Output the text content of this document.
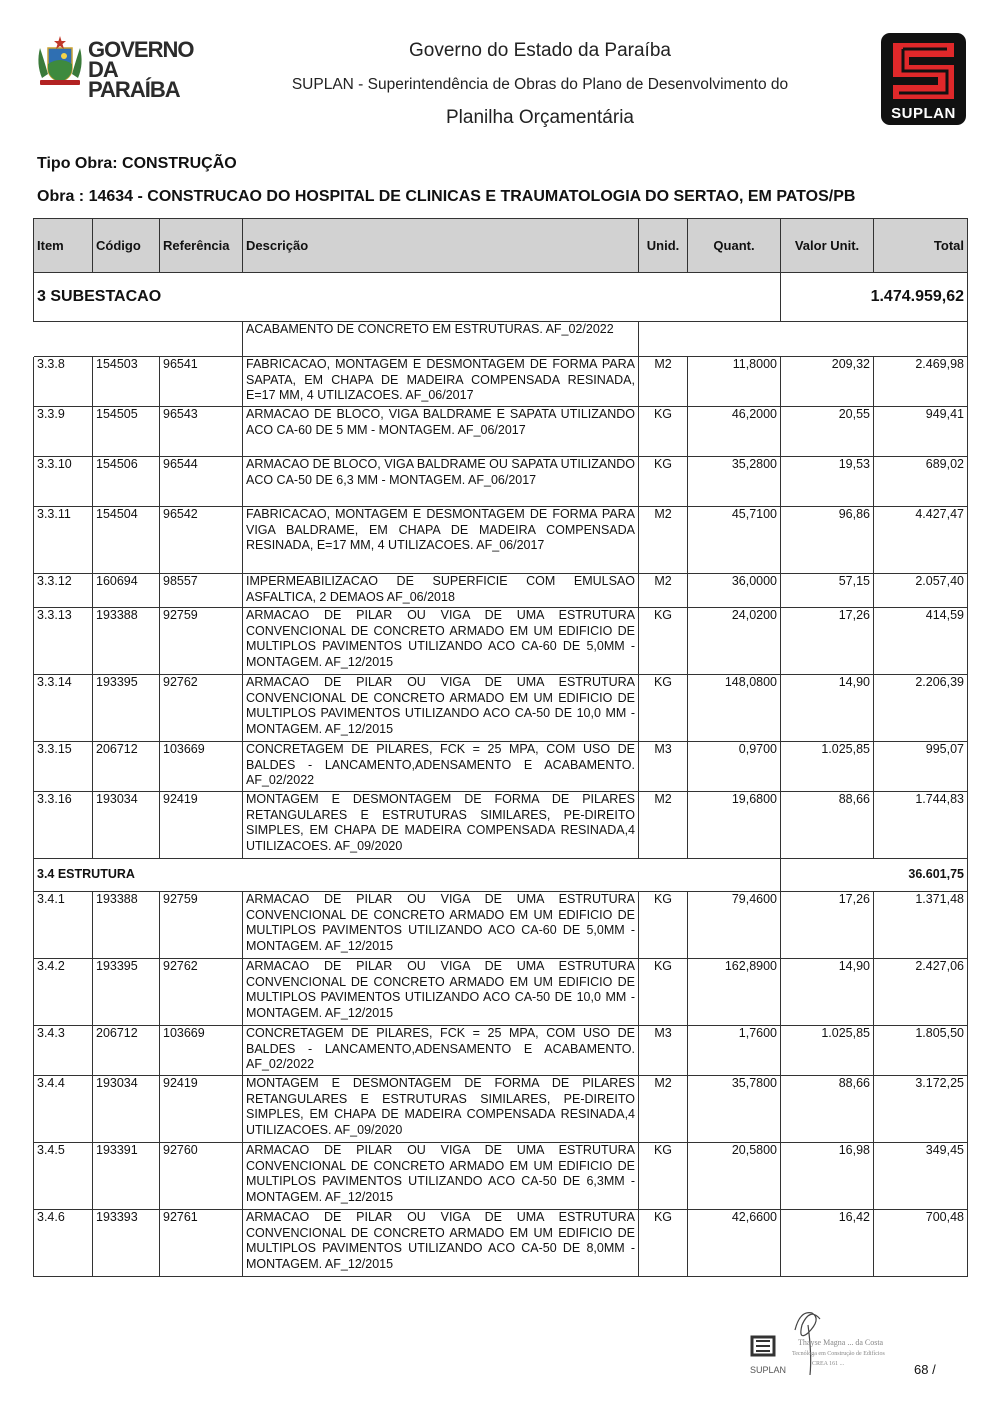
GOVERNO
DA PARAÍBA
Governo do Estado da Paraíba
SUPLAN - Superintendência de Obras do Plano de Desenvolvimento do
Planilha Orçamentária	SUPLAN
Tipo Obra: CONSTRUÇÃO
Obra : 14634 - CONSTRUCAO DO HOSPITAL DE CLINICAS E TRAUMATOLOGIA DO SERTAO, EM PATOS/PB
Item	Código	Referência	Descrição	Unid.	Quant.	Valor Unit.	Total
3 SUBESTACAO						1.474.959,62	
			ACABAMENTO DE CONCRETO EM ESTRUTURAS. AF_02/2022				
3.3.8	154503	96541	FABRICACAO, MONTAGEM E DESMONTAGEM DE FORMA PARA SAPATA, EM CHAPA DE MADEIRA COMPENSADA RESINADA, E=17 MM, 4 UTILIZACOES. AF_06/2017	M2	11,8000	209,32	2.469,98
3.3.9	154505	96543	ARMACAO DE BLOCO, VIGA BALDRAME E SAPATA UTILIZANDO ACO CA-60 DE 5 MM - MONTAGEM. AF_06/2017	KG	46,2000	20,55	949,41
3.3.10	154506	96544	ARMACAO DE BLOCO, VIGA BALDRAME OU SAPATA UTILIZANDO ACO CA-50 DE 6,3 MM - MONTAGEM. AF_06/2017	KG	35,2800	19,53	689,02
3.3.11	154504	96542	FABRICACAO, MONTAGEM E DESMONTAGEM DE FORMA PARA VIGA BALDRAME, EM CHAPA DE MADEIRA COMPENSADA RESINADA, E=17 MM, 4 UTILIZACOES. AF_06/2017	M2	45,7100	96,86	4.427,47
3.3.12	160694	98557	IMPERMEABILIZACAO DE SUPERFICIE COM EMULSAO ASFALTICA, 2 DEMAOS AF_06/2018	M2	36,0000	57,15	2.057,40
3.3.13	193388	92759	ARMACAO DE PILAR OU VIGA DE UMA ESTRUTURA CONVENCIONAL DE CONCRETO ARMADO EM UM EDIFICIO DE MULTIPLOS PAVIMENTOS UTILIZANDO ACO CA-60 DE 5,0MM - MONTAGEM. AF_12/2015	KG	24,0200	17,26	414,59
3.3.14	193395	92762	ARMACAO DE PILAR OU VIGA DE UMA ESTRUTURA CONVENCIONAL DE CONCRETO ARMADO EM UM EDIFICIO DE MULTIPLOS PAVIMENTOS UTILIZANDO ACO CA-50 DE 10,0 MM - MONTAGEM. AF_12/2015	KG	148,0800	14,90	2.206,39
3.3.15	206712	103669	CONCRETAGEM DE PILARES, FCK = 25 MPA, COM USO DE BALDES - LANCAMENTO,ADENSAMENTO E ACABAMENTO. AF_02/2022	M3	0,9700	1.025,85	995,07
3.3.16	193034	92419	MONTAGEM E DESMONTAGEM DE FORMA DE PILARES RETANGULARES E ESTRUTURAS SIMILARES, PE-DIREITO SIMPLES, EM CHAPA DE MADEIRA COMPENSADA RESINADA,4 UTILIZACOES. AF_09/2020	M2	19,6800	88,66	1.744,83
3.4 ESTRUTURA						36.601,75	
3.4.1	193388	92759	ARMACAO DE PILAR OU VIGA DE UMA ESTRUTURA CONVENCIONAL DE CONCRETO ARMADO EM UM EDIFICIO DE MULTIPLOS PAVIMENTOS UTILIZANDO ACO CA-60 DE 5,0MM - MONTAGEM. AF_12/2015	KG	79,4600	17,26	1.371,48
3.4.2	193395	92762	ARMACAO DE PILAR OU VIGA DE UMA ESTRUTURA CONVENCIONAL DE CONCRETO ARMADO EM UM EDIFICIO DE MULTIPLOS PAVIMENTOS UTILIZANDO ACO CA-50 DE 10,0 MM - MONTAGEM. AF_12/2015	KG	162,8900	14,90	2.427,06
3.4.3	206712	103669	CONCRETAGEM DE PILARES, FCK = 25 MPA, COM USO DE BALDES - LANCAMENTO,ADENSAMENTO E ACABAMENTO. AF_02/2022	M3	1,7600	1.025,85	1.805,50
3.4.4	193034	92419	MONTAGEM E DESMONTAGEM DE FORMA DE PILARES RETANGULARES E ESTRUTURAS SIMILARES, PE-DIREITO SIMPLES, EM CHAPA DE MADEIRA COMPENSADA RESINADA,4 UTILIZACOES. AF_09/2020	M2	35,7800	88,66	3.172,25
3.4.5	193391	92760	ARMACAO DE PILAR OU VIGA DE UMA ESTRUTURA CONVENCIONAL DE CONCRETO ARMADO EM UM EDIFICIO DE MULTIPLOS PAVIMENTOS UTILIZANDO ACO CA-50 DE 6,3MM - MONTAGEM. AF_12/2015	KG	20,5800	16,98	349,45
3.4.6	193393	92761	ARMACAO DE PILAR OU VIGA DE UMA ESTRUTURA CONVENCIONAL DE CONCRETO ARMADO EM UM EDIFICIO DE MULTIPLOS PAVIMENTOS UTILIZANDO ACO CA-50 DE 8,0MM - MONTAGEM. AF_12/2015	KG	42,6600	16,42	700,48
SUPLAN
Thayse Magna ... da Costa
Tecnóloga em Construção de Edifícios
CREA 161 ...	68 /
